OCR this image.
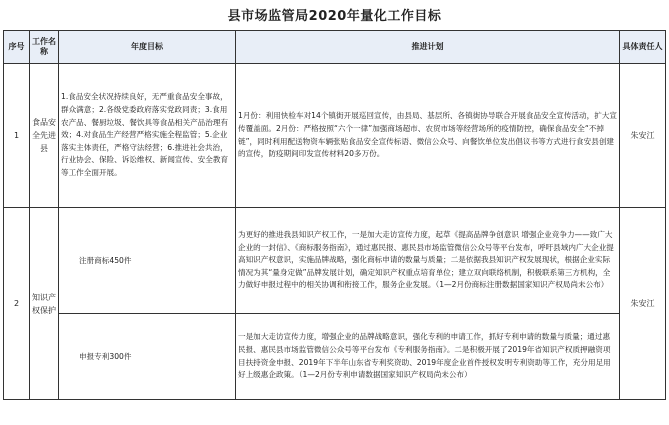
县市场监管局2020年量化工作目标
序号	工作名称	年度目标	推进计划	具体责任人
1	食品安全先进县	1.食品安全状况持续良好，无严重食品安全事故，群众满意；2.各级党委政府落实党政同责；3.食用农产品、餐厨垃圾、餐饮具等食品相关产品治理有效；4.对食品生产经营严格实施全程监管；5.企业落实主体责任，严格守法经营；6.推进社会共治，行业协会、保险、诉讼维权、新闻宣传、安全教育等工作全面开展。	1月份：利用快检车对14个镇街开展巡回宣传，由县局、基层所、各镇街协导联合开展食品安全宣传活动，扩大宣传覆盖面。2月份：严格按照“六个一律”加强商场超市、农贸市场等经营场所的疫情防控，确保食品安全“不掉链”，同时利用配送物资车辆张贴食品安全宣传标语、微信公众号、向餐饮单位发出倡议书等方式进行食安县创建的宣传，防疫期间印发宣传材料20多万份。	朱安江
2	知识产权保护	注册商标450件	为更好的推进我县知识产权工作，一是加大走访宣传力度，起草《提高品牌争创意识 增强企业竞争力——致广大企业的一封信》、《商标服务指南》，通过惠民报、惠民县市场监管微信公众号等平台发布，呼吁县域内广大企业提高知识产权意识，实施品牌战略，强化商标申请的数量与质量；二是依据我县知识产权发展现状，根据企业实际情况为其“量身定做”品牌发展计划，确定知识产权重点培育单位；建立双向联络机制，积极联系第三方机构，全力做好申报过程中的相关协调和衔接工作，服务企业发展。（1—2月份商标注册数据国家知识产权局尚未公布）	朱安江
		申报专利300件	一是加大走访宣传力度，增强企业的品牌战略意识，强化专利的申请工作，抓好专利申请的数量与质量；通过惠民报、惠民县市场监管微信公众号等平台发布《专利服务指南》。二是积极开展了2019年省知识产权质押融资项目扶持资金申报、2019年下半年山东省专利奖资助、2019年度企业首件授权发明专利资助等工作，充分用足用好上级惠企政策。（1—2月份专利申请数据国家知识产权局尚未公布）	
